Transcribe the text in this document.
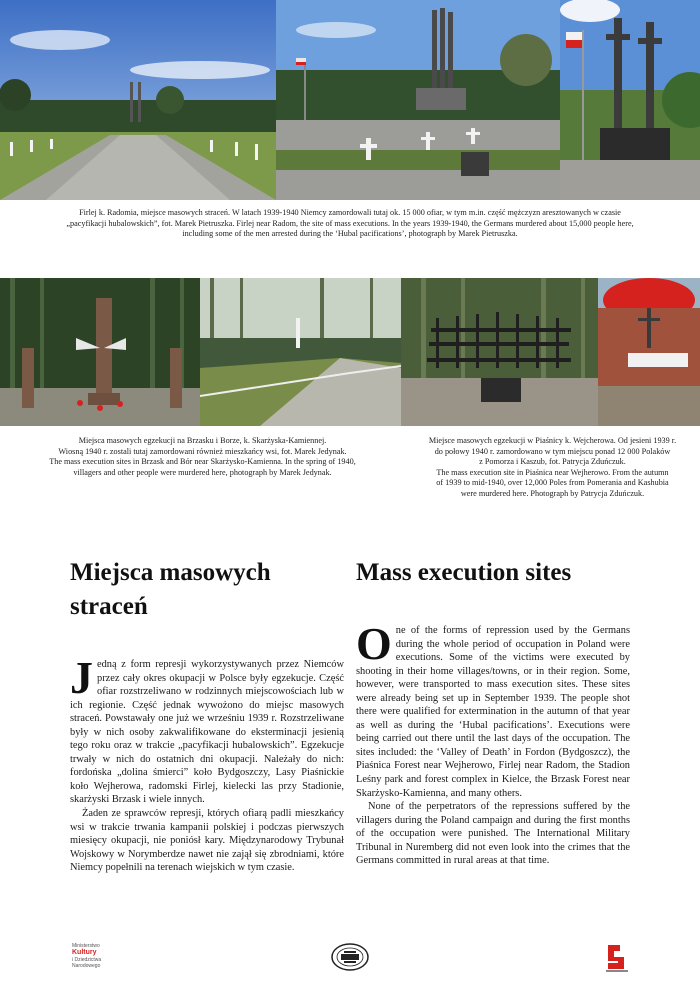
Firlej k. Radomia, miejsce masowych straceń. W latach 1939-1940 Niemcy zamordowali tutaj ok. 15 000 ofiar, w tym m.in. część mężczyzn aresztowanych w czasie
„pacyfikacji hubalowskich”, fot. Marek Pietruszka. Firlej near Radom, the site of mass executions. In the years 1939-1940, the Germans murdered about 15,000 people here,
including some of the men arrested during the ‘Hubal pacifications’, photograph by Marek Pietruszka.
Miejsca masowych egzekucji na Brzasku i Borze, k. Skarżyska-Kamiennej.
Wiosną 1940 r. zostali tutaj zamordowani również mieszkańcy wsi, fot. Marek Jedynak.
The mass execution sites in Brzask and Bór near Skarżysko-Kamienna. In the spring of 1940,
villagers and other people were murdered here, photograph by Marek Jedynak.
Miejsce masowych egzekucji w Piaśnicy k. Wejcherowa. Od jesieni 1939 r.
do połowy 1940 r. zamordowano w tym miejscu ponad 12 000 Polaków
z Pomorza i Kaszub, fot. Patrycja Zduńczuk.
The mass execution site in Piaśnica near Wejherowo. From the autumn
of 1939 to mid-1940, over 12,000 Poles from Pomerania and Kashubia
were murdered here. Photograph by Patrycja Zduńczuk.
Miejsca masowych
straceń
Mass execution sites

Jedną z form represji wykorzystywanych przez Niemców przez cały okres okupacji w Polsce były egzekucje. Część ofiar rozstrzeliwano w rodzinnych miejscowościach lub w ich regionie. Część jednak wywożono do miejsc masowych straceń. Powstawały one już we wrześniu 1939 r. Rozstrzeliwane były w nich osoby zakwalifikowane do eksterminacji jesienią tego roku oraz w trakcie „pacyfikacji hubalowskich”. Egzekucje trwały w nich do ostatnich dni okupacji. Należały do nich: fordońska „dolina śmierci” koło Bydgoszczy, Lasy Piaśnickie koło Wejherowa, radomski Firlej, kielecki las przy Stadionie, skarżyski Brzask i wiele innych.

Żaden ze sprawców represji, których ofiarą padli mieszkańcy wsi w trakcie trwania kampanii polskiej i podczas pierwszych miesięcy okupacji, nie poniósł kary. Międzynarodowy Trybunał Wojskowy w Norymberdze nawet nie zajął się zbrodniami, które Niemcy popełnili na terenach wiejskich w tym czasie.

One of the forms of repression used by the Germans during the whole period of occupation in Poland were executions. Some of the victims were executed by shooting in their home villages/towns, or in their region. Some, however, were transported to mass execution sites. These sites were already being set up in September 1939. The people shot there were qualified for extermination in the autumn of that year as well as during the ‘Hubal pacifications’. Executions were being carried out there until the last days of the occupation. The sites included: the ‘Valley of Death’ in Fordon (Bydgoszcz), the Piaśnica Forest near Wejherowo, Firlej near Radom, the Stadion Leśny park and forest complex in Kielce, the Brzask Forest near Skarżysko-Kamienna, and many others.

None of the perpetrators of the repressions suffered by the villagers during the Poland campaign and during the first months of the occupation were punished. The International Military Tribunal in Nuremberg did not even look into the crimes that the Germans committed in rural areas at that time.

Ministerstwo
Kultury
i Dziedzictwa
Narodowego
